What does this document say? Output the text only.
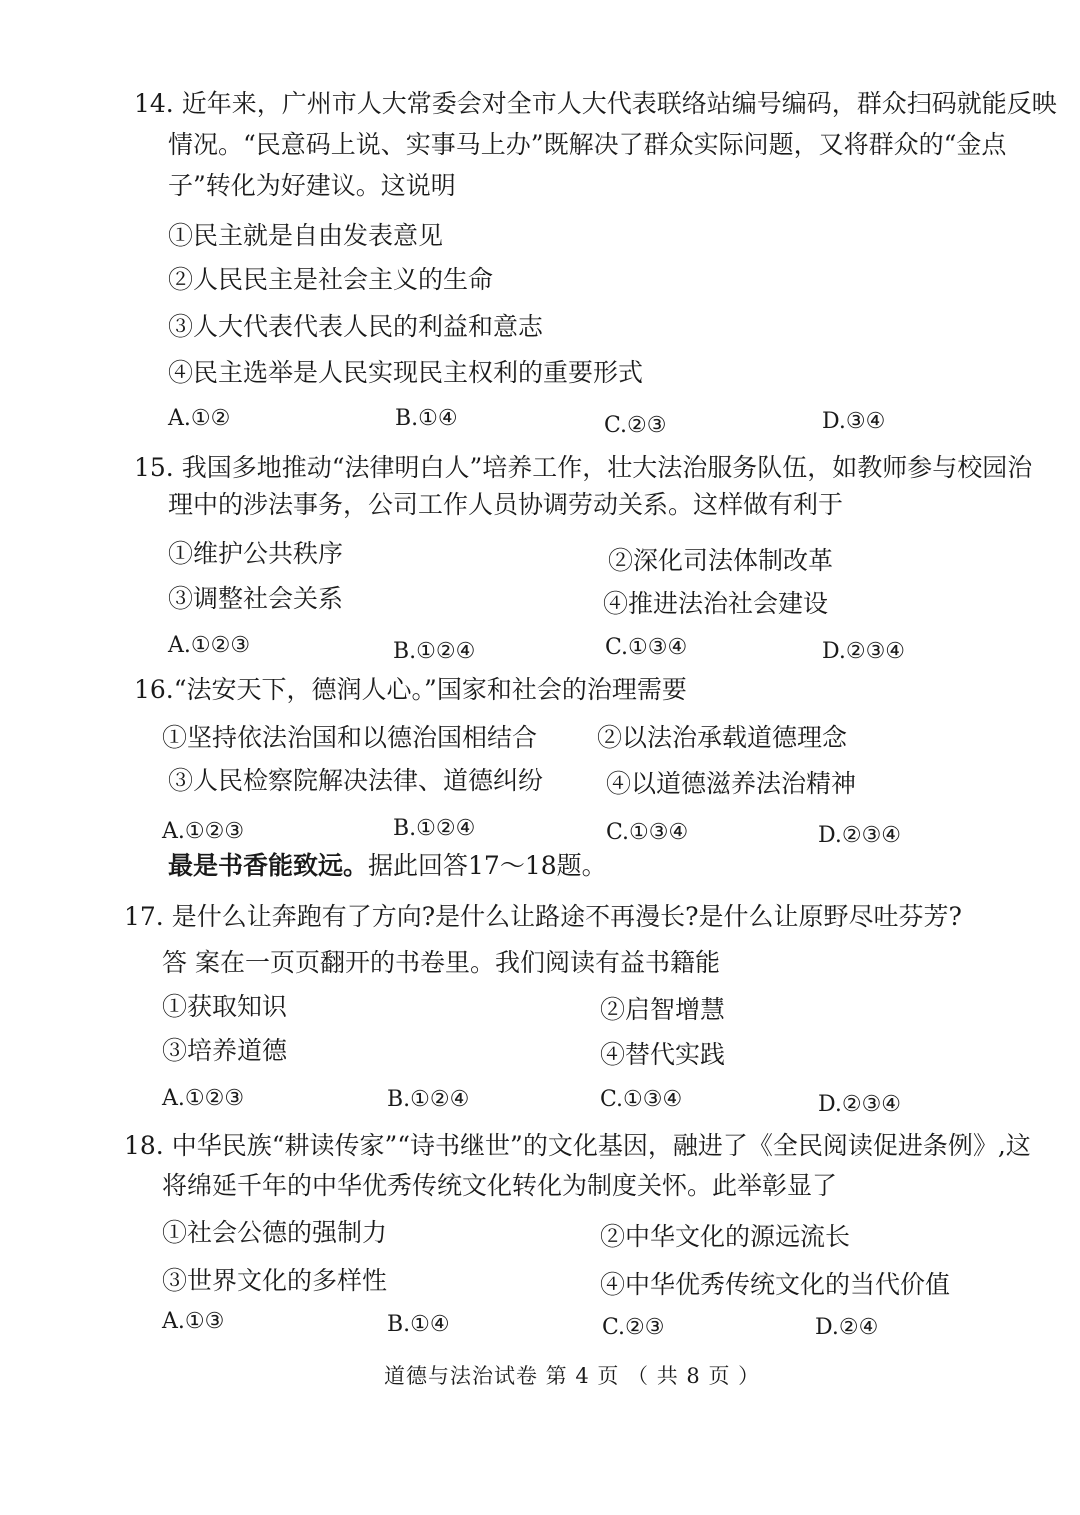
14. 近年来，广州市人大常委会对全市人大代表联络站编号编码，群众扫码就能反映
情况。“民意码上说、实事马上办”既解决了群众实际问题，又将群众的“金点
子”转化为好建议。这说明
①民主就是自由发表意见
②人民民主是社会主义的生命
③人大代表代表人民的利益和意志
④民主选举是人民实现民主权利的重要形式
A.①②	B.①④	C.②③	D.③④
15. 我国多地推动“法律明白人”培养工作，壮大法治服务队伍，如教师参与校园治
理中的涉法事务，公司工作人员协调劳动关系。这样做有利于
①维护公共秩序	②深化司法体制改革
③调整社会关系	④推进法治社会建设
A.①②③	B.①②④	C.①③④	D.②③④
16.“法安天下，德润人心。”国家和社会的治理需要
①坚持依法治国和以德治国相结合 ②以法治承载道德理念
③人民检察院解决法律、道德纠纷	④以道德滋养法治精神
A.①②③	B.①②④	C.①③④	D.②③④
最是书香能致远。据此回答17～18题。
17. 是什么让奔跑有了方向?是什么让路途不再漫长?是什么让原野尽吐芬芳?
答 案在一页页翻开的书卷里。我们阅读有益书籍能
①获取知识	②启智增慧
③培养道德	④替代实践
A.①②③	B.①②④	C.①③④	D.②③④
18. 中华民族“耕读传家”“诗书继世”的文化基因，融进了《全民阅读促进条例》,这
将绵延千年的中华优秀传统文化转化为制度关怀。此举彰显了
①社会公德的强制力	②中华文化的源远流长
③世界文化的多样性	④中华优秀传统文化的当代价值
A.①③	B.①④	C.②③	D.②④
道德与法治试卷 第 4 页 （ 共 8 页 ）
